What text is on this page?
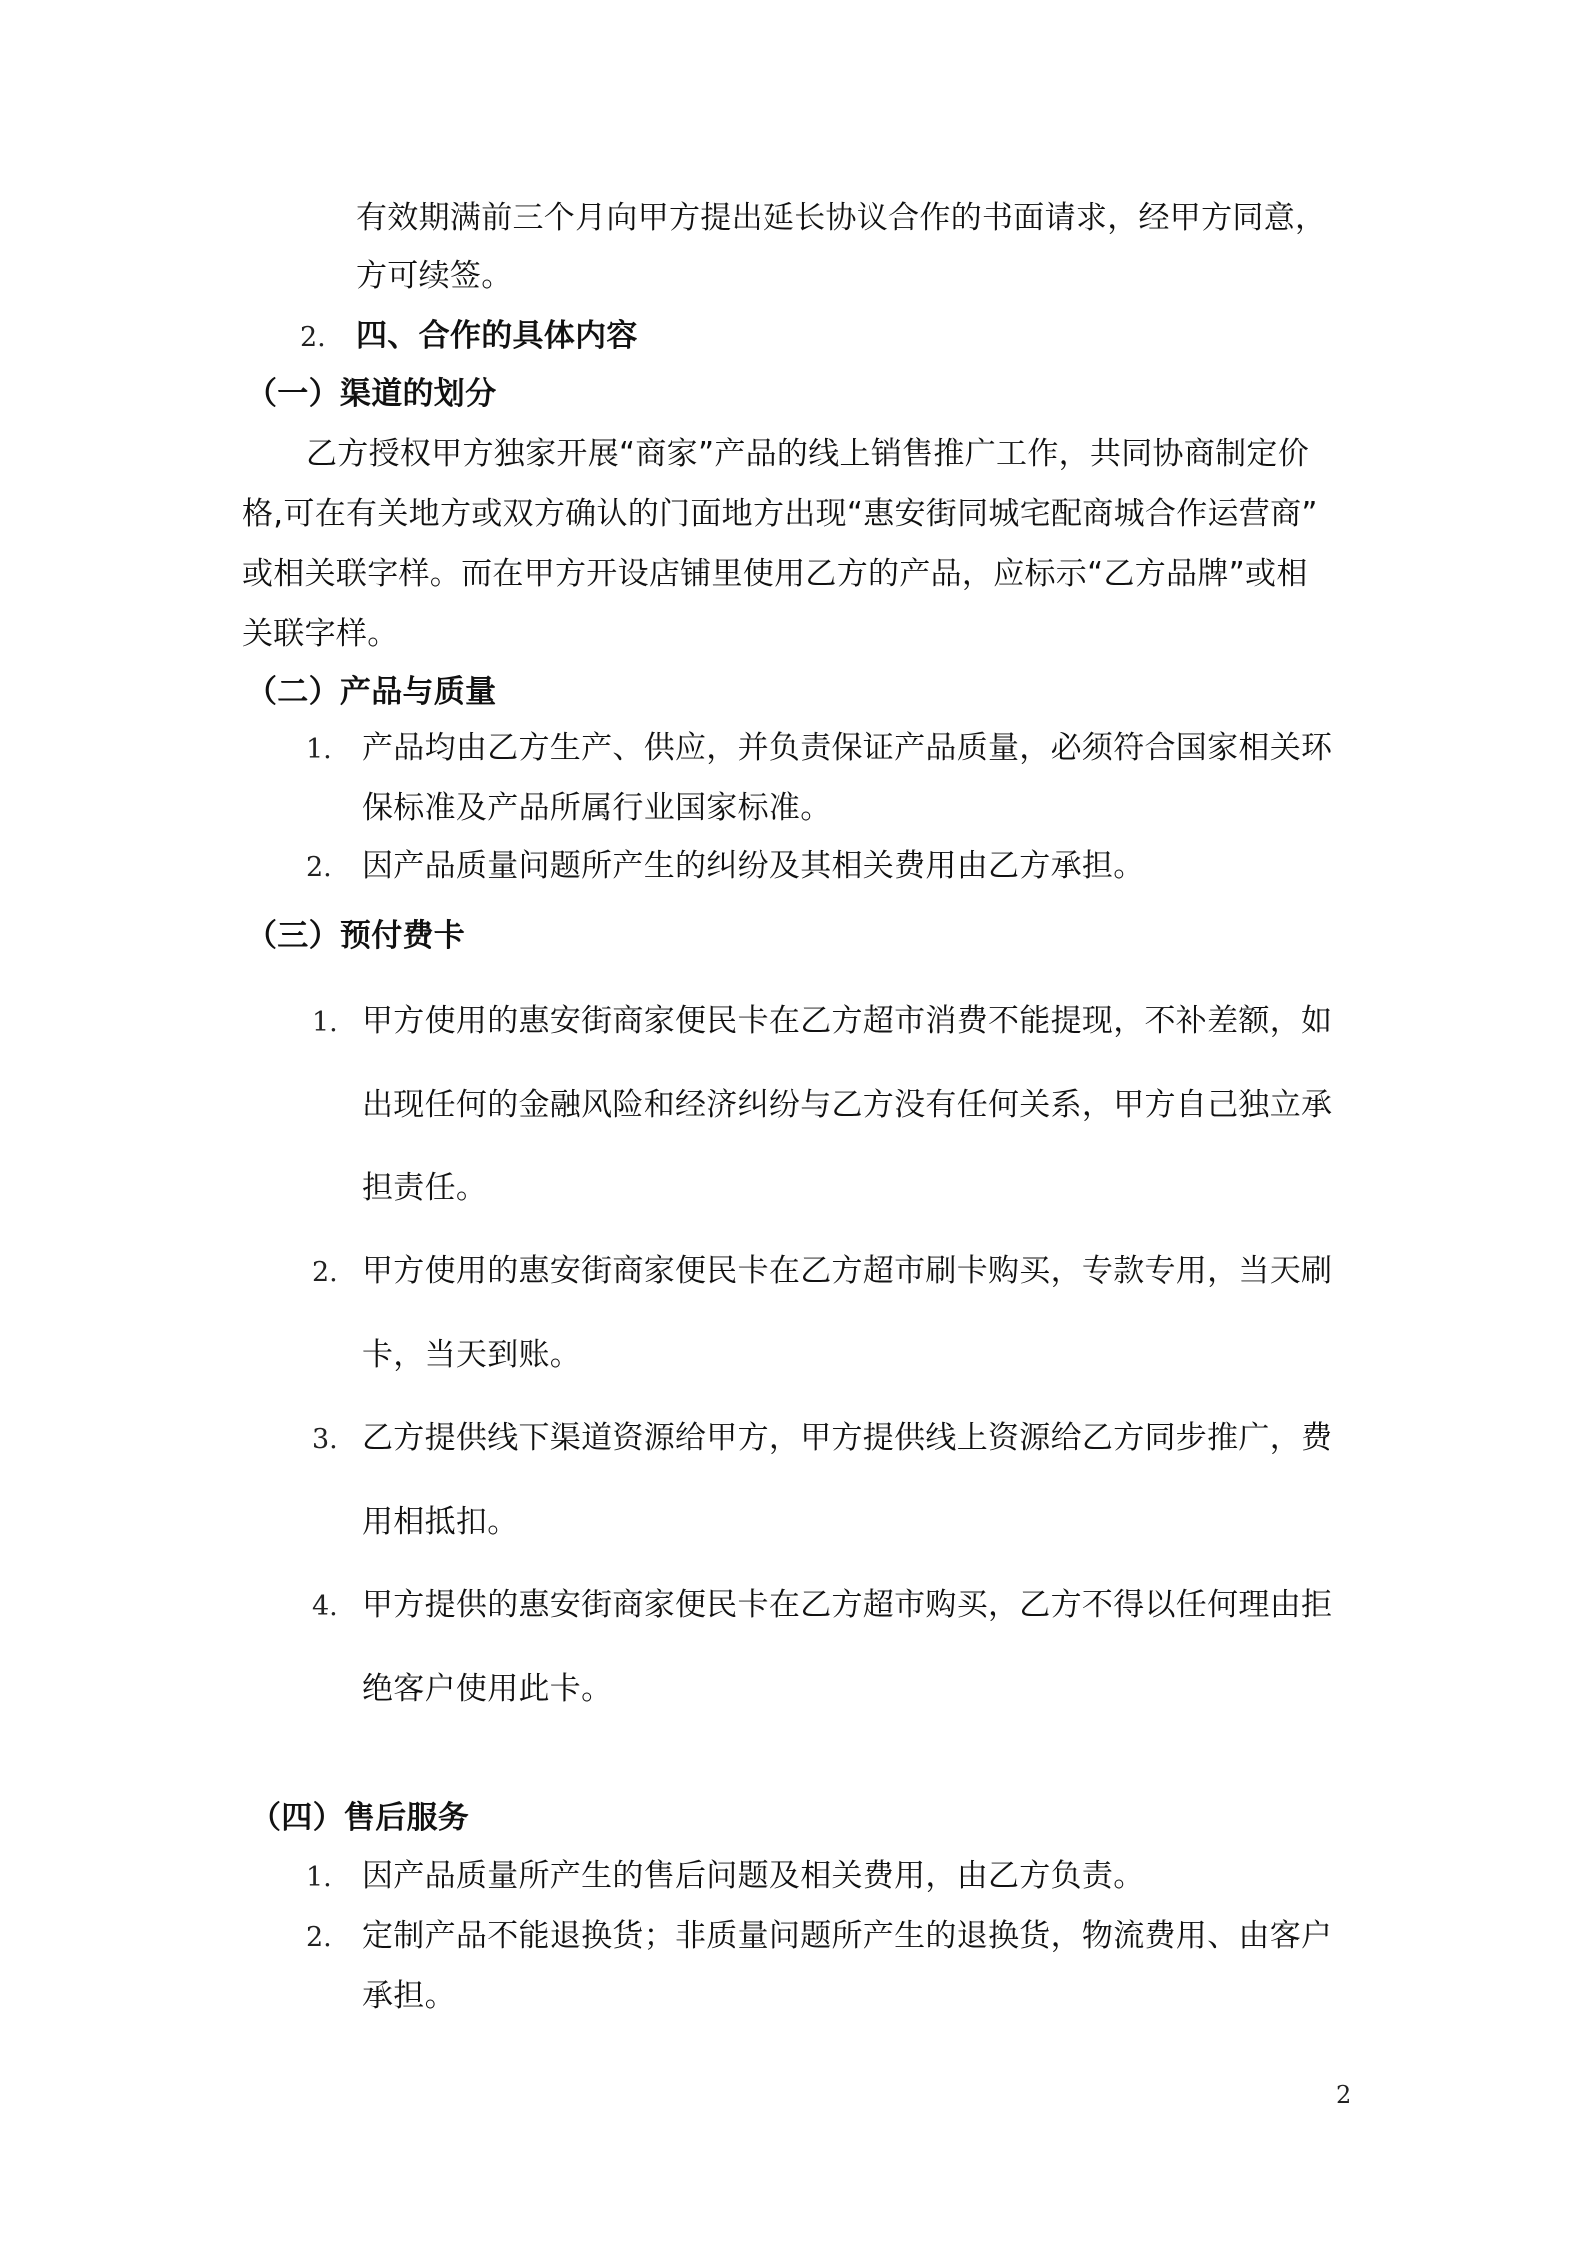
有效期满前三个月向甲方提出延长协议合作的书面请求，经甲方同意，
方可续签。
2. 四、合作的具体内容
（一）渠道的划分
乙方授权甲方独家开展“商家”产品的线上销售推广工作，共同协商制定价
格,可在有关地方或双方确认的门面地方出现“惠安街同城宅配商城合作运营商”
或相关联字样。而在甲方开设店铺里使用乙方的产品，应标示“乙方品牌”或相
关联字样。
（二）产品与质量
1. 产品均由乙方生产、供应，并负责保证产品质量，必须符合国家相关环
保标准及产品所属行业国家标准。
2. 因产品质量问题所产生的纠纷及其相关费用由乙方承担。
（三）预付费卡
1. 甲方使用的惠安街商家便民卡在乙方超市消费不能提现，不补差额，如
出现任何的金融风险和经济纠纷与乙方没有任何关系，甲方自己独立承
担责任。
2. 甲方使用的惠安街商家便民卡在乙方超市刷卡购买，专款专用，当天刷
卡，当天到账。
3. 乙方提供线下渠道资源给甲方，甲方提供线上资源给乙方同步推广，费
用相抵扣。
4. 甲方提供的惠安街商家便民卡在乙方超市购买，乙方不得以任何理由拒
绝客户使用此卡。
（四）售后服务
1. 因产品质量所产生的售后问题及相关费用，由乙方负责。
2. 定制产品不能退换货；非质量问题所产生的退换货，物流费用、由客户
承担。
2
